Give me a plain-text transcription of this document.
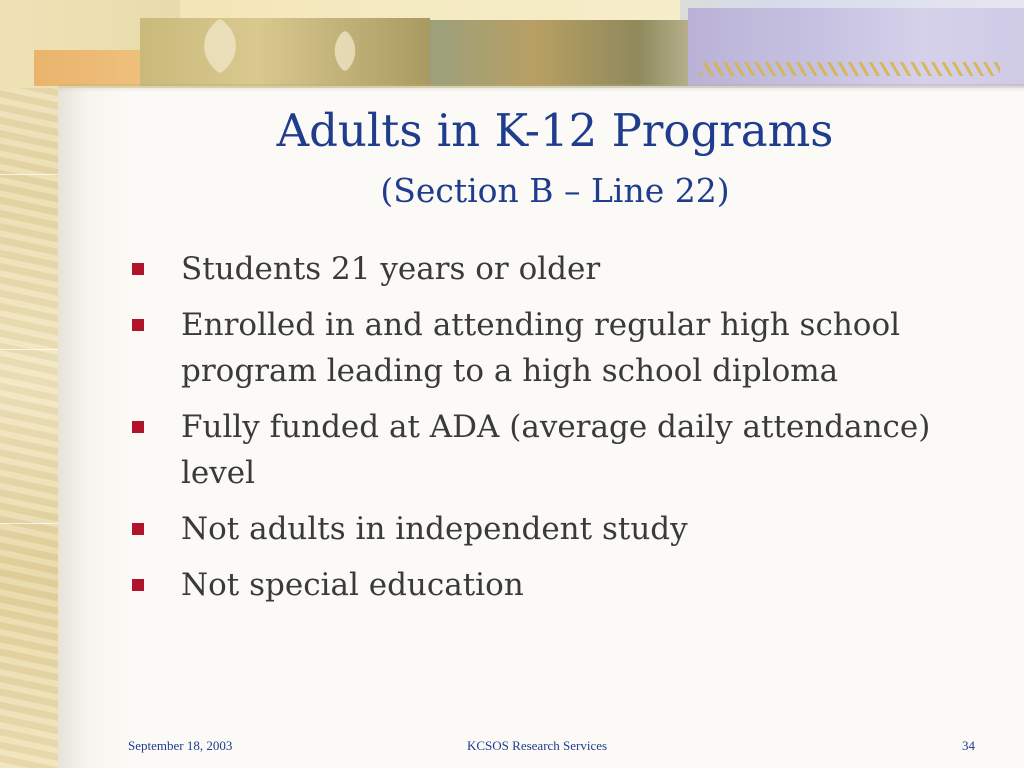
Adults in K-12 Programs
(Section B – Line 22)
Students 21 years or older
Enrolled in and attending regular high school program leading to a high school diploma
Fully funded at ADA (average daily attendance) level
Not adults in independent study
Not special education
September 18, 2003	KCSOS Research Services	34
